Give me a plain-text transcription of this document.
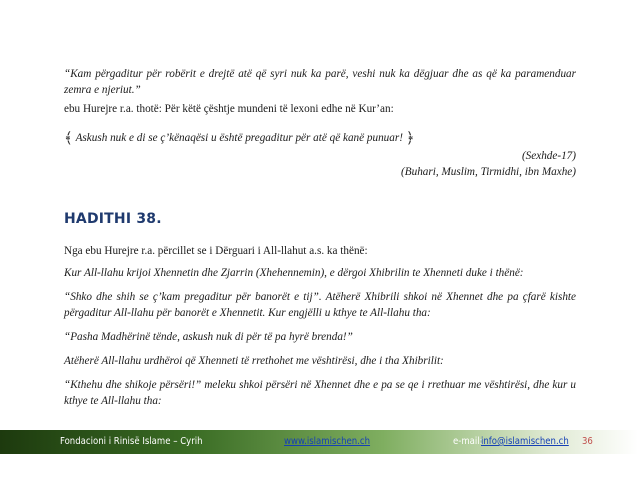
“Kam përgaditur për robërit e drejtë atë që syri nuk ka parë, veshi nuk ka dëgjuar dhe as që ka paramenduar
zemra e njeriut.”
ebu Hurejre r.a. thotë: Për këtë çështje mundeni të lexoni edhe në Kur’an:
﴾ Askush nuk e di se ç’kënaqësi u është pregaditur për atë që kanë punuar! ﴿
(Sexhde-17)
(Buhari, Muslim, Tirmidhi, ibn Maxhe)
HADITHI 38.
Nga ebu Hurejre r.a. përcillet se i Dërguari i All-llahut a.s. ka thënë:
Kur All-llahu krijoi Xhennetin dhe Zjarrin (Xhehennemin), e dërgoi Xhibrilin te Xhenneti duke i thënë:
“Shko dhe shih se ç’kam pregaditur për banorët e tij”. Atëherë Xhibrili shkoi në Xhennet dhe pa çfarë kishte
përgaditur All-llahu për banorët e Xhennetit. Kur engjëlli u kthye te All-llahu tha:
“Pasha Madhërinë tënde, askush nuk di për të pa hyrë brenda!”
Atëherë All-llahu urdhëroi që Xhenneti të rrethohet me vështirësi, dhe i tha Xhibrilit:
“Kthehu dhe shikoje përsëri!” meleku shkoi përsëri në Xhennet dhe e pa se qe i rrethuar me vështirësi, dhe kur u
kthye te All-llahu tha:
Fondacioni i Rinisë Islame – Cyrih	www.islamischen.ch	e-mail:
info@islamischen.ch 36
